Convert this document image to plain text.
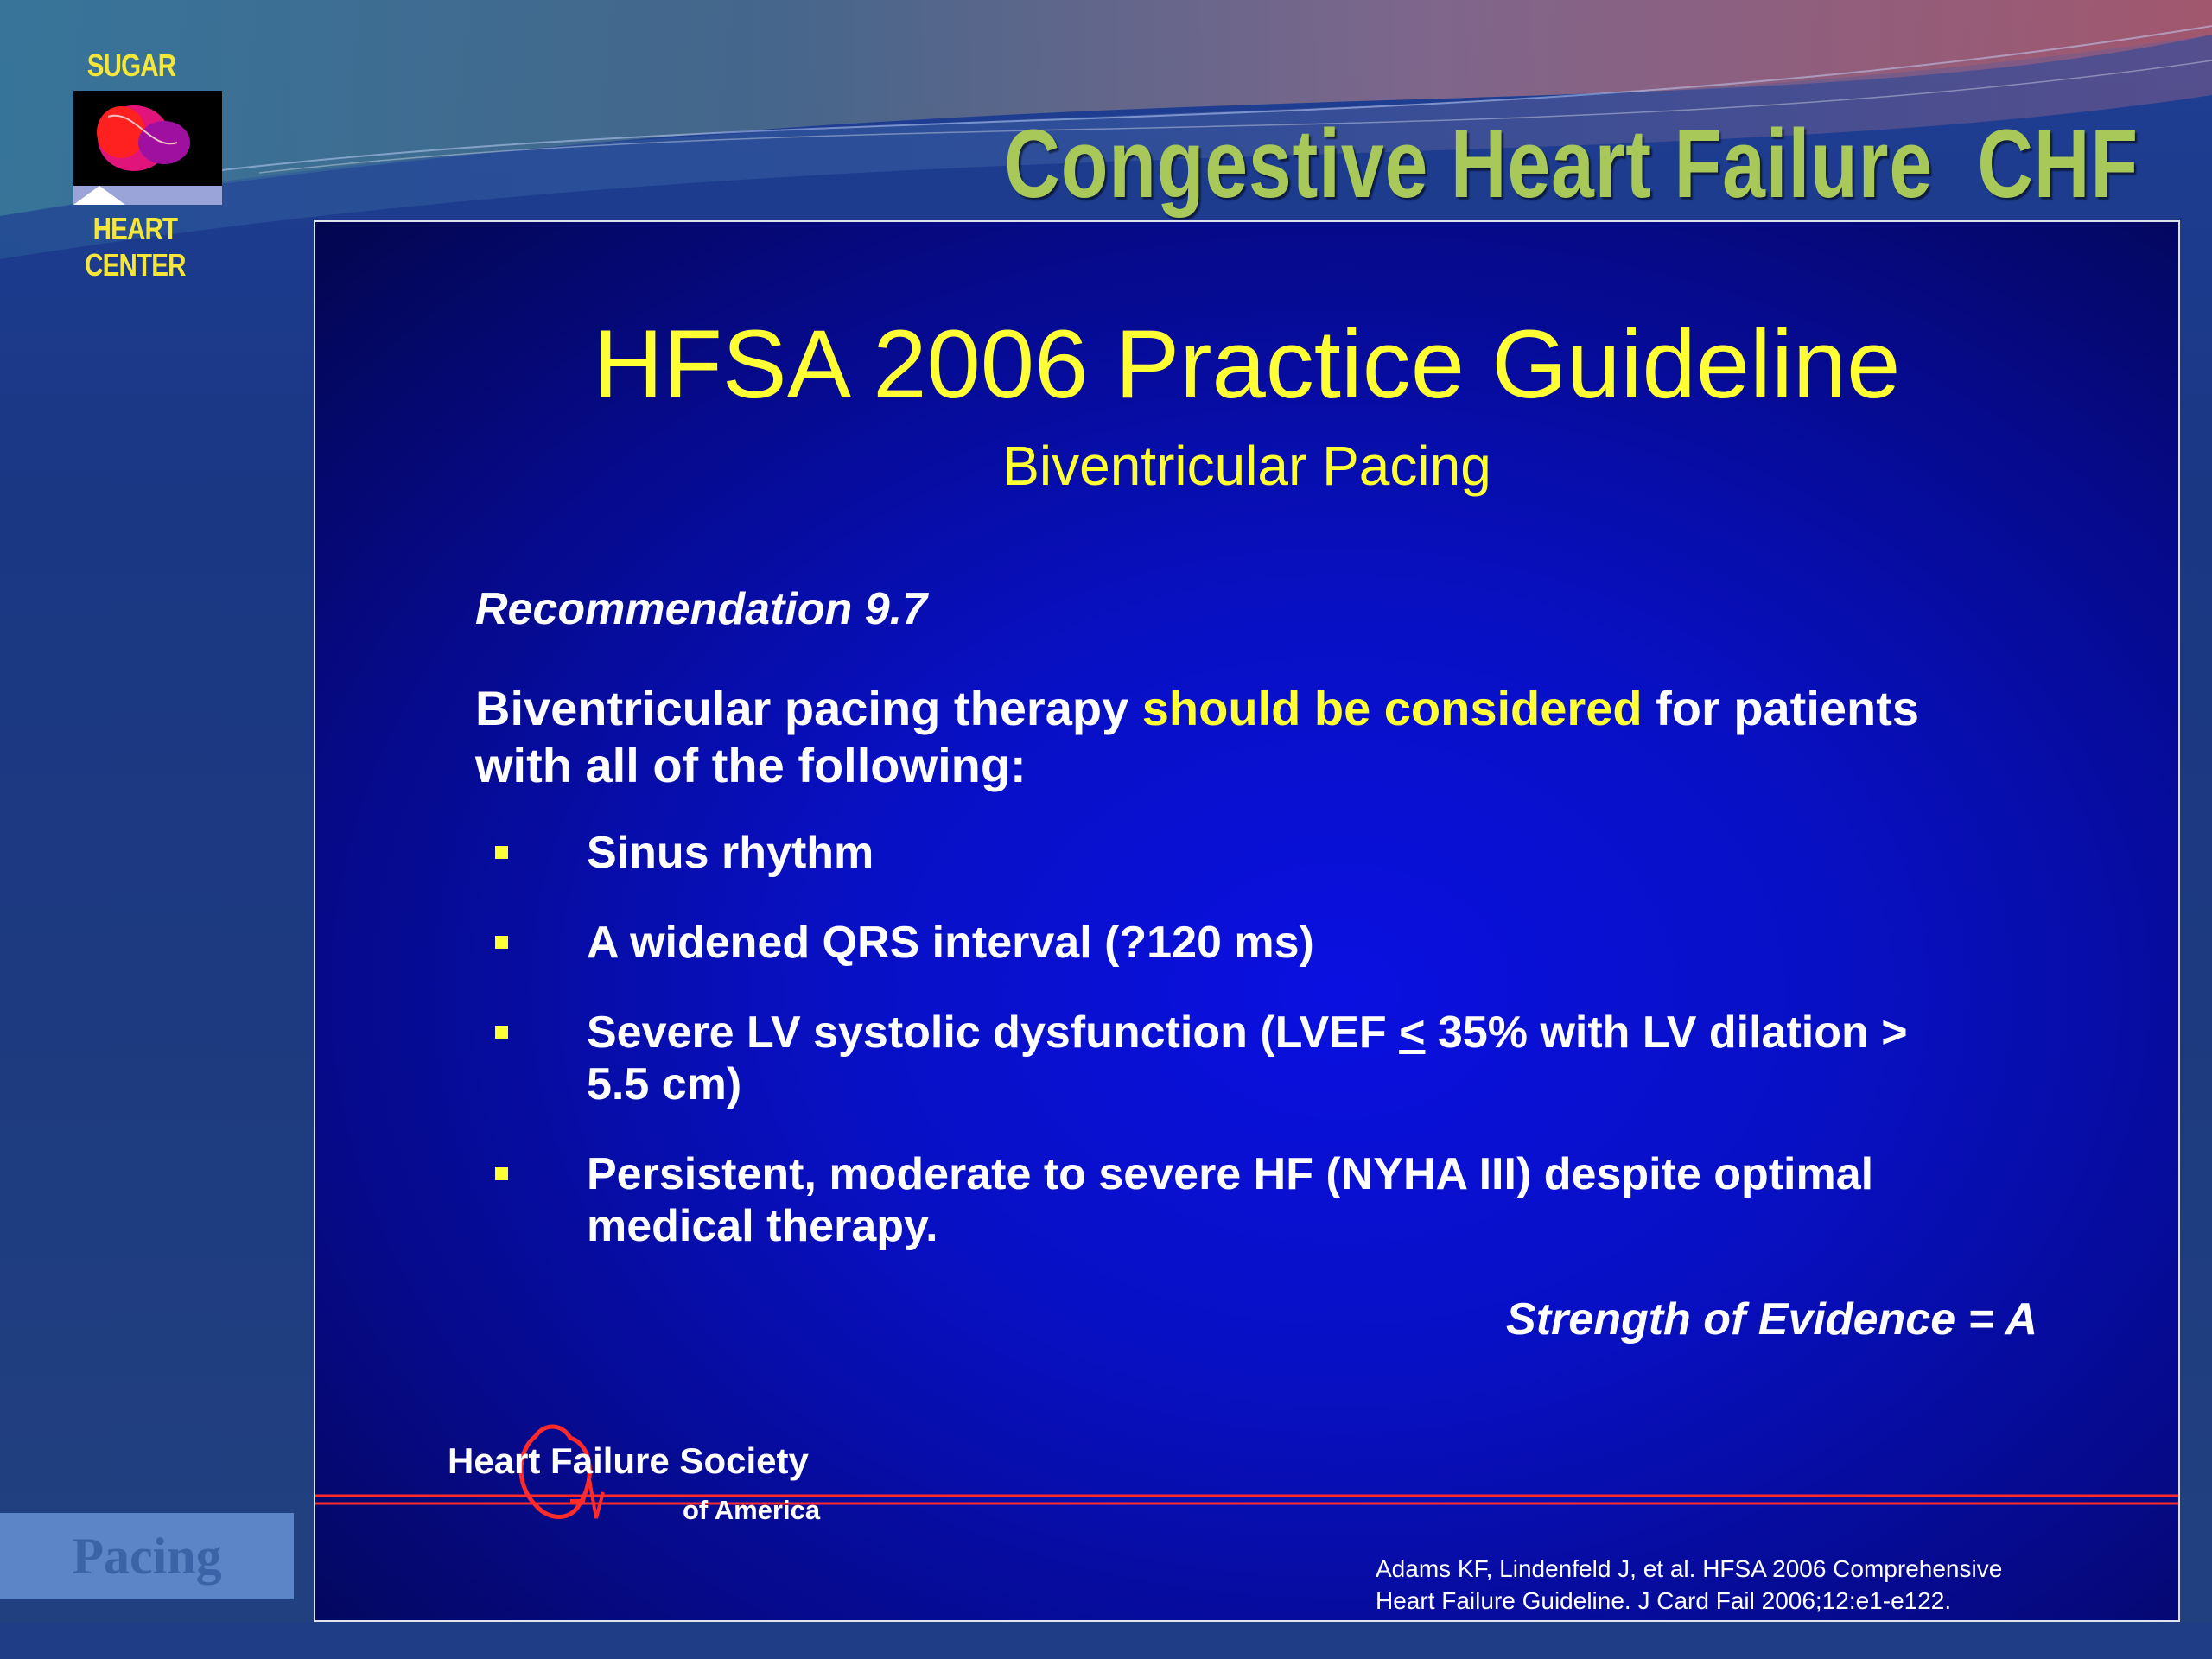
SUGAR
HEART CENTER
Congestive Heart Failure  CHF
HFSA 2006 Practice Guideline
Biventricular Pacing
Recommendation 9.7
Biventricular pacing therapy should be considered for patients
with all of the following:
Sinus rhythm
A widened QRS interval (?120 ms)
Severe LV systolic dysfunction (LVEF ≤ 35% with LV dilation >
5.5 cm)
Persistent, moderate to severe HF (NYHA III) despite optimal medical therapy.
Strength of Evidence = A
Heart Failure Society
of America
Adams KF, Lindenfeld J, et al. HFSA 2006 Comprehensive
Heart Failure Guideline. J Card Fail 2006;12:e1-e122.
Pacing
